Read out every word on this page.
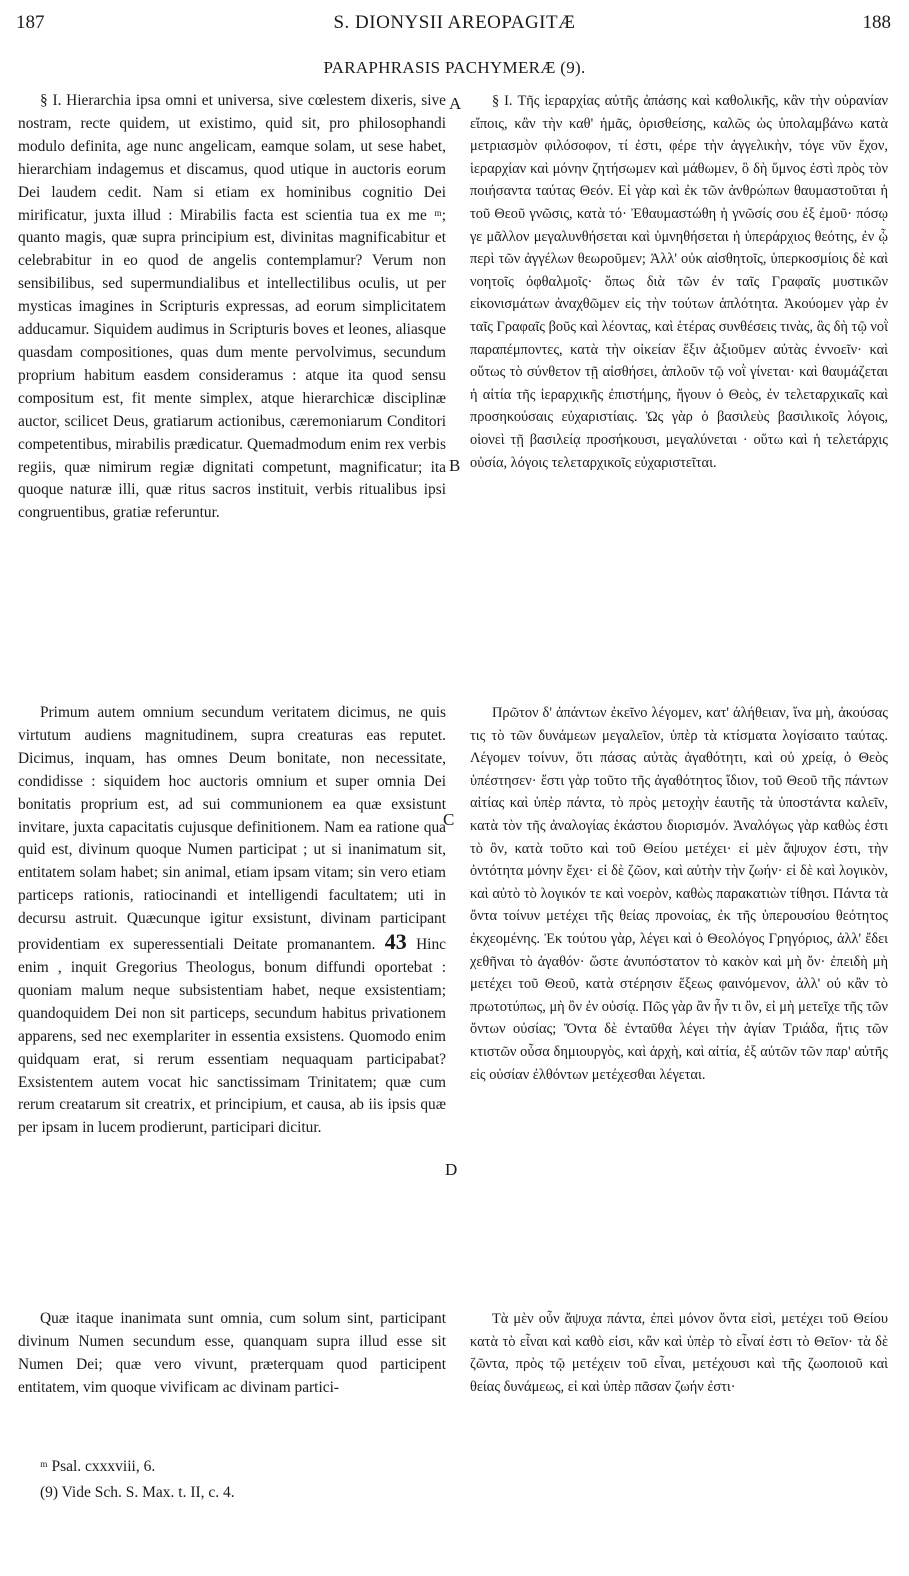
187	S. DIONYSII AREOPAGITÆ	188
PARAPHRASIS PACHYMERÆ (9).

§ I. Hierarchia ipsa omni et universa, sive cœlestem dixeris, sive nostram, recte quidem, ut existimo, quid sit, pro philosophandi modulo definita, age nunc angelicam, eamque solam, ut sese habet, hierarchiam indagemus et discamus, quod utique in auctoris eorum Dei laudem cedit. Nam si etiam ex hominibus cognitio Dei mirificatur, juxta illud : Mirabilis facta est scientia tua ex me ᵐ; quanto magis, quæ supra principium est, divinitas magnificabitur et celebrabitur in eo quod de angelis contemplamur? Verum non sensibilibus, sed supermundialibus et intellectilibus oculis, ut per mysticas imagines in Scripturis expressas, ad eorum simplicitatem adducamur. Siquidem audimus in Scripturis boves et leones, aliasque quasdam compositiones, quas dum mente pervolvimus, secundum proprium habitum easdem consideramus : atque ita quod sensu compositum est, fit mente simplex, atque hierarchicæ disciplinæ auctor, scilicet Deus, gratiarum actionibus, cæremoniarum Conditori competentibus, mirabilis prædicatur. Quemadmodum enim rex verbis regiis, quæ nimirum regiæ dignitati competunt, magnificatur; ita quoque naturæ illi, quæ ritus sacros instituit, verbis ritualibus ipsi congruentibus, gratiæ referuntur.

Primum autem omnium secundum veritatem dicimus, ne quis virtutum audiens magnitudinem, supra creaturas eas reputet. Dicimus, inquam, has omnes Deum bonitate, non necessitate, condidisse : siquidem hoc auctoris omnium et super omnia Dei bonitatis proprium est, ad sui communionem ea quæ exsistunt invitare, juxta capacitatis cujusque definitionem. Nam ea ratione qua quid est, divinum quoque Numen participat ; ut si inanimatum sit, entitatem solam habet; sin animal, etiam ipsam vitam; sin vero etiam particeps rationis, ratiocinandi et intelligendi facultatem; uti in decursu astruit. Quæcunque igitur exsistunt, divinam participant providentiam ex superessentiali Deitate promanantem. 43 Hinc enim , inquit Gregorius Theologus, bonum diffundi oportebat : quoniam malum neque subsistentiam habet, neque exsistentiam; quandoquidem Dei non sit particeps, secundum habitus privationem apparens, sed nec exemplariter in essentia exsistens. Quomodo enim quidquam erat, si rerum essentiam nequaquam participabat? Exsistentem autem vocat hic sanctissimam Trinitatem; quæ cum rerum creatarum sit creatrix, et principium, et causa, ab iis ipsis quæ per ipsam in lucem prodierunt, participari dicitur.

Quæ itaque inanimata sunt omnia, cum solum sint, participant divinum Numen secundum esse, quanquam supra illud esse sit Numen Dei; quæ vero vivunt, præterquam quod participent entitatem, vim quoque vivificam ac divinam partici-

§ I. Τῆς ἱεραρχίας αὐτῆς ἁπάσης καὶ καθολικῆς, κἂν τὴν οὐρανίαν εἴποις, κἂν τὴν καθ' ἡμᾶς, ὁρισθείσης, καλῶς ὡς ὑπολαμβάνω κατὰ μετριασμὸν φιλόσοφον, τί ἐστι, φέρε τὴν ἀγγελικὴν, τόγε νῦν ἔχον, ἱεραρχίαν καὶ μόνην ζητήσωμεν καὶ μάθωμεν, ὃ δὴ ὕμνος ἐστὶ πρὸς τὸν ποιήσαντα ταύτας Θεόν. Εἰ γὰρ καὶ ἐκ τῶν ἀνθρώπων θαυμαστοῦται ἡ τοῦ Θεοῦ γνῶσις, κατὰ τό· Ἐθαυμαστώθη ἡ γνῶσίς σου ἐξ ἐμοῦ· πόσῳ γε μᾶλλον μεγαλυνθήσεται καὶ ὑμνηθήσεται ἡ ὑπεράρχιος θεότης, ἐν ᾧ περὶ τῶν ἀγγέλων θεωροῦμεν; Ἀλλ' οὐκ αἰσθητοῖς, ὑπερκοσμίοις δὲ καὶ νοητοῖς ὀφθαλμοῖς· ὅπως διὰ τῶν ἐν ταῖς Γραφαῖς μυστικῶν εἰκονισμάτων ἀναχθῶμεν εἰς τὴν τούτων ἁπλότητα. Ἀκούομεν γὰρ ἐν ταῖς Γραφαῖς βοῦς καὶ λέοντας, καὶ ἑτέρας συνθέσεις τινὰς, ἃς δὴ τῷ νοῒ παραπέμποντες, κατὰ τὴν οἰκείαν ἕξιν ἀξιοῦμεν αὐτὰς ἐννοεῖν· καὶ οὕτως τὸ σύνθετον τῇ αἰσθήσει, ἁπλοῦν τῷ νοῒ γίνεται· καὶ θαυμάζεται ἡ αἰτία τῆς ἱεραρχικῆς ἐπιστήμης, ἤγουν ὁ Θεὸς, ἐν τελεταρχικαῖς καὶ προσηκούσαις εὐχαριστίαις. Ὡς γὰρ ὁ βασιλεὺς βασιλικοῖς λόγοις, οἱονεὶ τῇ βασιλείᾳ προσήκουσι, μεγαλύνεται · οὕτω καὶ ἡ τελετάρχις οὐσία, λόγοις τελεταρχικοῖς εὐχαριστεῖται.

Πρῶτον δ' ἁπάντων ἐκεῖνο λέγομεν, κατ' ἀλήθειαν, ἵνα μὴ, ἀκούσας τις τὸ τῶν δυνάμεων μεγαλεῖον, ὑπὲρ τὰ κτίσματα λογίσαιτο ταύτας. Λέγομεν τοίνυν, ὅτι πάσας αὐτὰς ἀγαθότητι, καὶ οὐ χρείᾳ, ὁ Θεὸς ὑπέστησεν· ἔστι γὰρ τοῦτο τῆς ἀγαθότητος ἴδιον, τοῦ Θεοῦ τῆς πάντων αἰτίας καὶ ὑπὲρ πάντα, τὸ πρὸς μετοχὴν ἑαυτῆς τὰ ὑποστάντα καλεῖν, κατὰ τὸν τῆς ἀναλογίας ἑκάστου διορισμόν. Ἀναλόγως γὰρ καθὼς ἐστι τὸ ὂν, κατὰ τοῦτο καὶ τοῦ Θείου μετέχει· εἰ μὲν ἄψυχον ἐστι, τὴν ὀντότητα μόνην ἔχει· εἰ δὲ ζῶον, καὶ αὐτὴν τὴν ζωήν· εἰ δὲ καὶ λογικὸν, καὶ αὐτὸ τὸ λογικόν τε καὶ νοερὸν, καθὼς παρακατιὼν τίθησι. Πάντα τὰ ὄντα τοίνυν μετέχει τῆς θείας προνοίας, ἐκ τῆς ὑπερουσίου θεότητος ἐκχεομένης. Ἐκ τούτου γὰρ, λέγει καὶ ὁ Θεολόγος Γρηγόριος, ἀλλ' ἔδει χεθῆναι τὸ ἀγαθόν· ὥστε ἀνυπόστατον τὸ κακὸν καὶ μὴ ὄν· ἐπειδὴ μὴ μετέχει τοῦ Θεοῦ, κατὰ στέρησιν ἕξεως φαινόμενον, ἀλλ' οὐ κἂν τὸ πρωτοτύπως, μὴ ὂν ἐν οὐσίᾳ. Πῶς γὰρ ἂν ἦν τι ὂν, εἰ μὴ μετεῖχε τῆς τῶν ὄντων οὐσίας; Ὄντα δὲ ἐνταῦθα λέγει τὴν ἁγίαν Τριάδα, ἥτις τῶν κτιστῶν οὖσα δημιουργὸς, καὶ ἀρχὴ, καὶ αἰτία, ἐξ αὐτῶν τῶν παρ' αὐτῆς εἰς οὐσίαν ἐλθόντων μετέχεσθαι λέγεται.

Τὰ μὲν οὖν ἄψυχα πάντα, ἐπεὶ μόνον ὄντα εἰσὶ, μετέχει τοῦ Θείου κατὰ τὸ εἶναι καὶ καθὸ εἰσι, κἂν καὶ ὑπὲρ τὸ εἶναί ἐστι τὸ Θεῖον· τὰ δὲ ζῶντα, πρὸς τῷ μετέχειν τοῦ εἶναι, μετέχουσι καὶ τῆς ζωοποιοῦ καὶ θείας δυνάμεως, εἰ καὶ ὑπὲρ πᾶσαν ζωήν ἐστι·

A
B
C
D
ᵐ Psal. cxxxviii, 6.
(9) Vide Sch. S. Max. t. II, c. 4.
